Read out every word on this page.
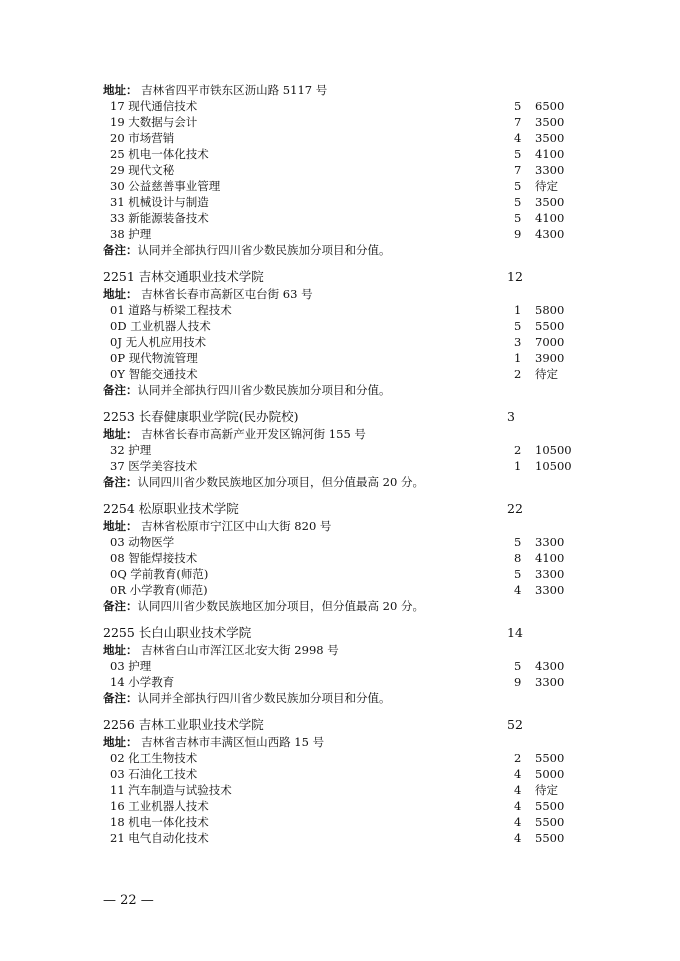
地址： 吉林省四平市铁东区沥山路 5117 号
17 现代通信技术	5 6500
19 大数据与会计	7 3500
20 市场营销	4 3500
25 机电一体化技术	5 4100
29 现代文秘	7 3300
30 公益慈善事业管理	5 待定
31 机械设计与制造	5 3500
33 新能源装备技术	5 4100
38 护理	9 4300
备注：认同并全部执行四川省少数民族加分项目和分值。
2251 吉林交通职业技术学院	12
地址： 吉林省长春市高新区屯台街 63 号
01 道路与桥梁工程技术	1 5800
0D 工业机器人技术	5 5500
0J 无人机应用技术	3 7000
0P 现代物流管理	1 3900
0Y 智能交通技术	2 待定
备注：认同并全部执行四川省少数民族加分项目和分值。
2253 长春健康职业学院(民办院校)	3
地址： 吉林省长春市高新产业开发区锦河街 155 号
32 护理	2 10500
37 医学美容技术	1 10500
备注：认同四川省少数民族地区加分项目，但分值最高 20 分。
2254 松原职业技术学院	22
地址： 吉林省松原市宁江区中山大街 820 号
03 动物医学	5 3300
08 智能焊接技术	8 4100
0Q 学前教育(师范)	5 3300
0R 小学教育(师范)	4 3300
备注：认同四川省少数民族地区加分项目，但分值最高 20 分。
2255 长白山职业技术学院	14
地址： 吉林省白山市浑江区北安大街 2998 号
03 护理	5 4300
14 小学教育	9 3300
备注：认同并全部执行四川省少数民族加分项目和分值。
2256 吉林工业职业技术学院	52
地址： 吉林省吉林市丰满区恒山西路 15 号
02 化工生物技术	2 5500
03 石油化工技术	4 5000
11 汽车制造与试验技术	4 待定
16 工业机器人技术	4 5500
18 机电一体化技术	4 5500
21 电气自动化技术	4 5500
— 22 —
